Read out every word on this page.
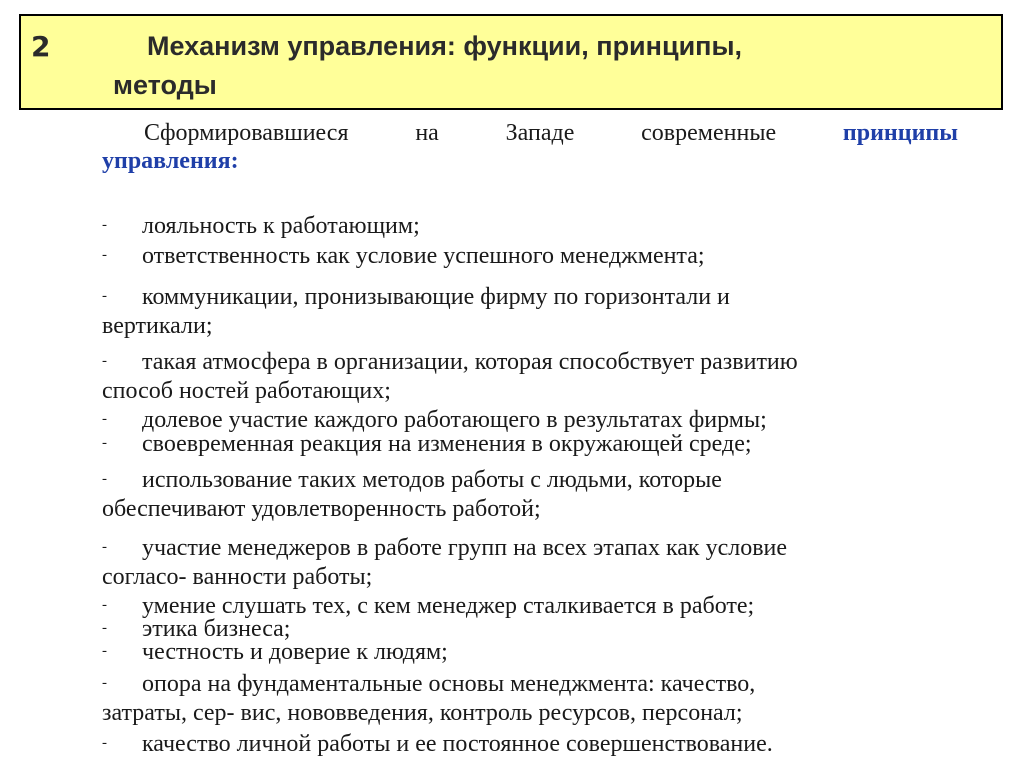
2	Механизм управления: функции, принципы,
методы
Сформировавшиеся	на	Западе	современные	принципы
управления:
- лояльность к работающим;
- ответственность как условие успешного менеджмента;
- коммуникации, пронизывающие фирму по горизонтали и
вертикали;
- такая атмосфера в организации, которая способствует развитию
способ ностей работающих;
- долевое участие каждого работающего в результатах фирмы;
- своевременная реакция на изменения в окружающей среде;
- использование таких методов работы с людьми, которые
обеспечивают удовлетворенность работой;
- участие менеджеров в работе групп на всех этапах как условие
согласо- ванности работы;
- умение слушать тех, с кем менеджер сталкивается в работе;
- этика бизнеса;
- честность и доверие к людям;
- опора на фундаментальные основы менеджмента: качество,
затраты, сер- вис, нововведения, контроль ресурсов, персонал;
- качество личной работы и ее постоянное совершенствование.
